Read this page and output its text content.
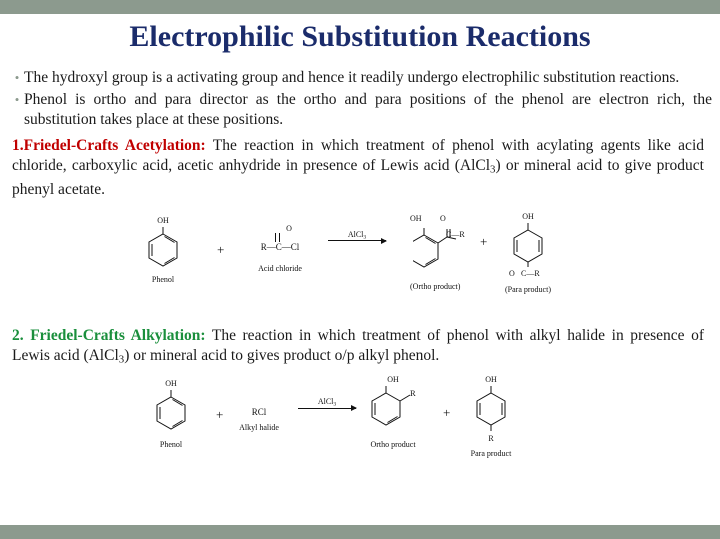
Electrophilic Substitution Reactions
• The hydroxyl group is a activating group and hence it readily undergo electrophilic substitution reactions.
• Phenol is ortho and para director as the ortho and para positions of the phenol are electron rich, the substitution takes place at these positions.

1.Friedel-Crafts Acetylation: The reaction in which treatment of phenol with acylating agents like acid chloride, carboxylic acid, acetic anhydride in presence of Lewis acid (AlCl$_3$) or mineral acid to give product phenyl acetate.

OH
Phenol
+
O
R—C—Cl
Acid chloride
AlCl$_3$
OH O
C—R
(Ortho product)
+
OH
O C—R
(Para product)

2. Friedel-Crafts Alkylation: The reaction in which treatment of phenol with alkyl halide in presence of Lewis acid (AlCl$_3$) or mineral acid to gives product o/p alkyl phenol.

OH
Phenol
+	RCl
Alkyl halide
AlCl$_3$
OH
R
Ortho product
+
OH
R
Para product
